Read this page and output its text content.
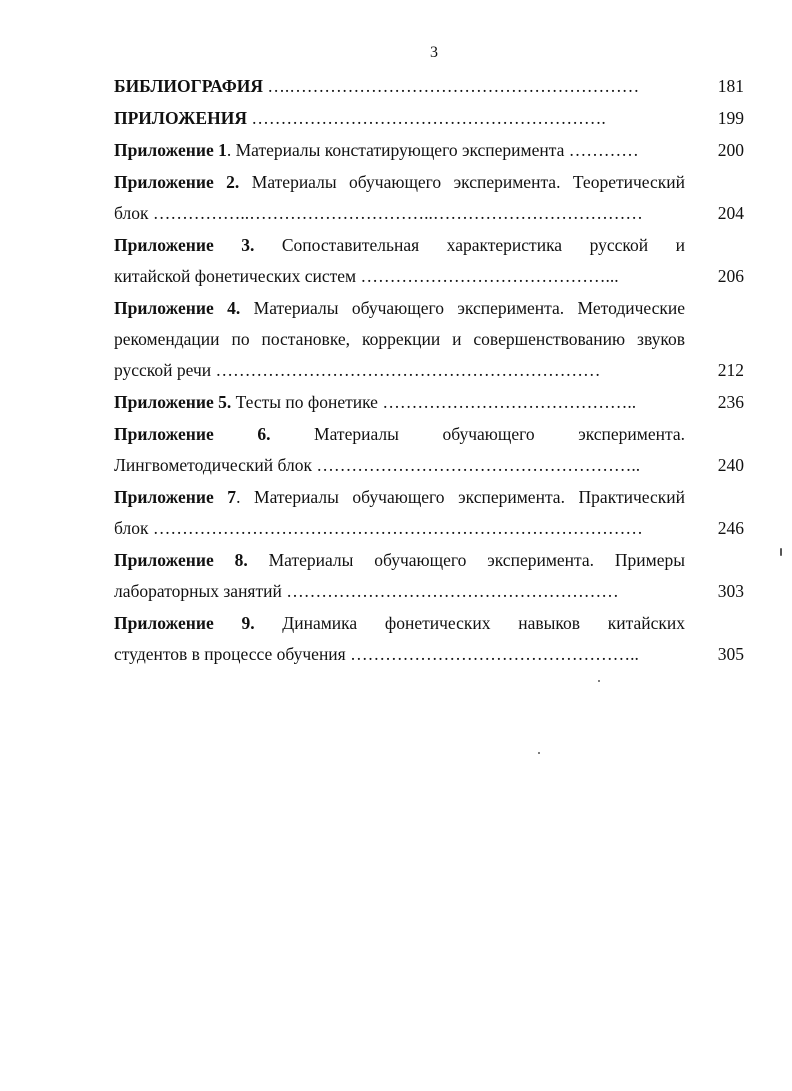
3
БИБЛИОГРАФИЯ ….……………………………………………………	181
ПРИЛОЖЕНИЯ …………………………………………………….	199
Приложение 1. Материалы констатирующего эксперимента …………	200
Приложение 2. Материалы обучающего эксперимента. Теоретический
блок ……………..…………………………..………………………………	204
Приложение 3. Сопоставительная характеристика русской и
китайской фонетических систем ……………………………………...	206
Приложение 4. Материалы обучающего эксперимента. Методические
рекомендации по постановке, коррекции и совершенствованию звуков
русской речи …………………………………………………………	212
Приложение 5. Тесты по фонетике ……………………………………..	236
Приложение 6. Материалы обучающего эксперимента.
Лингвометодический блок ………………………………………………..	240
Приложение 7. Материалы обучающего эксперимента. Практический
блок …………………………………………………………………………	246
Приложение 8. Материалы обучающего эксперимента. Примеры
лабораторных занятий …………………………………………………	303
Приложение 9. Динамика фонетических навыков китайских
студентов в процессе обучения …………………………………………..	305
